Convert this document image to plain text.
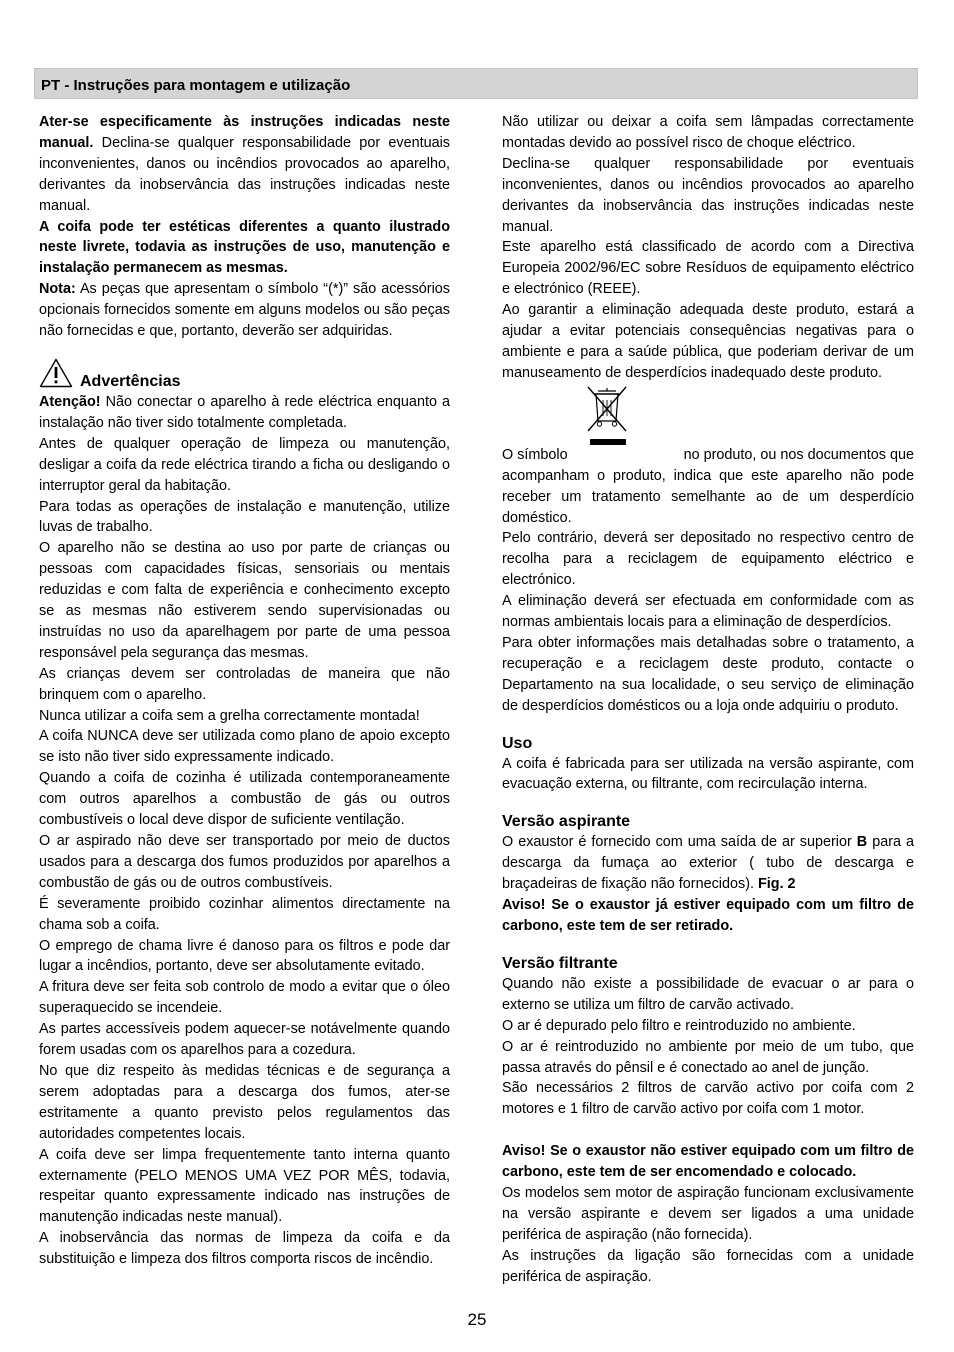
PT - Instruções para montagem e utilização

Ater-se especificamente às instruções indicadas neste manual. Declina-se qualquer responsabilidade por eventuais inconvenientes, danos ou incêndios provocados ao aparelho, derivantes da inobservância das instruções indicadas neste manual.

A coifa pode ter estéticas diferentes a quanto ilustrado neste livrete, todavia as instruções de uso, manutenção e instalação permanecem as mesmas.

Nota: As peças que apresentam o símbolo “(*)” são acessórios opcionais fornecidos somente em alguns modelos ou são peças não fornecidas e que, portanto, deverão ser adquiridas.

Advertências

Atenção! Não conectar o aparelho à rede eléctrica enquanto a instalação não tiver sido totalmente completada.

Antes de qualquer operação de limpeza ou manutenção, desligar a coifa da rede eléctrica tirando a ficha ou desligando o interruptor geral da habitação.

Para todas as operações de instalação e manutenção, utilize luvas de trabalho.

O aparelho não se destina ao uso por parte de crianças ou pessoas com capacidades físicas, sensoriais ou mentais reduzidas e com falta de experiência e conhecimento excepto se as mesmas não estiverem sendo supervisionadas ou instruídas no uso da aparelhagem por parte de uma pessoa responsável pela segurança das mesmas.

As crianças devem ser controladas de maneira que não brinquem com o aparelho.

Nunca utilizar a coifa sem a grelha correctamente montada!

A coifa NUNCA deve ser utilizada como plano de apoio excepto se isto não tiver sido expressamente indicado.

Quando a coifa de cozinha é utilizada contemporaneamente com outros aparelhos a combustão de gás ou outros combustíveis o local deve dispor de suficiente ventilação.

O ar aspirado não deve ser transportado por meio de ductos usados para a descarga dos fumos produzidos por aparelhos a combustão de gás ou de outros combustíveis.

É severamente proibido cozinhar alimentos directamente na chama sob a coifa.

O emprego de chama livre é danoso para os filtros e pode dar lugar a incêndios, portanto, deve ser absolutamente evitado.

A fritura deve ser feita sob controlo de modo a evitar que o óleo superaquecido se incendeie.

As partes accessíveis podem aquecer-se notávelmente quando forem usadas com os aparelhos para a cozedura.

No que diz respeito às medidas técnicas e de segurança a serem adoptadas para a descarga dos fumos, ater-se estritamente a quanto previsto pelos regulamentos das autoridades competentes locais.

A coifa deve ser limpa frequentemente tanto interna quanto externamente (PELO MENOS UMA VEZ POR MÊS, todavia, respeitar quanto expressamente indicado nas instruções de manutenção indicadas neste manual).

A inobservância das normas de limpeza da coifa e da substituição e limpeza dos filtros comporta riscos de incêndio.

Não utilizar ou deixar a coifa sem lâmpadas correctamente montadas devido ao possível risco de choque eléctrico.

Declina-se qualquer responsabilidade por eventuais inconvenientes, danos ou incêndios provocados ao aparelho derivantes da inobservância das instruções indicadas neste manual.

Este aparelho está classificado de acordo com a Directiva Europeia 2002/96/EC sobre Resíduos de equipamento eléctrico e electrónico (REEE).

Ao garantir a eliminação adequada deste produto, estará a ajudar a evitar potenciais consequências negativas para o ambiente e para a saúde pública, que poderiam derivar de um manuseamento de desperdícios inadequado deste produto.

O símbolo	no produto, ou nos documentos que

acompanham o produto, indica que este aparelho não pode receber um tratamento semelhante ao de um desperdício doméstico.

Pelo contrário, deverá ser depositado no respectivo centro de recolha para a reciclagem de equipamento eléctrico e electrónico.

A eliminação deverá ser efectuada em conformidade com as normas ambientais locais para a eliminação de desperdícios.

Para obter informações mais detalhadas sobre o tratamento, a recuperação e a reciclagem deste produto, contacte o Departamento na sua localidade, o seu serviço de eliminação de desperdícios domésticos ou a loja onde adquiriu o produto.

Uso

A coifa é fabricada para ser utilizada na versão aspirante, com evacuação externa, ou filtrante, com recirculação interna.

Versão aspirante

O exaustor é fornecido com uma saída de ar superior B para a descarga da fumaça ao exterior ( tubo de descarga e braçadeiras de fixação não fornecidos). Fig. 2

Aviso! Se o exaustor já estiver equipado com um filtro de carbono, este tem de ser retirado.

Versão filtrante

Quando não existe a possibilidade de evacuar o ar para o externo se utiliza um filtro de carvão activado.

O ar é depurado pelo filtro e reintroduzido no ambiente.

O ar é reintroduzido no ambiente por meio de um tubo, que passa através do pênsil e é conectado ao anel de junção.

São necessários 2 filtros de carvão activo por coifa com 2 motores e 1 filtro de carvão activo por coifa com 1 motor.

Aviso! Se o exaustor não estiver equipado com um filtro de carbono, este tem de ser encomendado e colocado.

Os modelos sem motor de aspiração funcionam exclusivamente na versão aspirante e devem ser ligados a uma unidade periférica de aspiração (não fornecida).

As instruções da ligação são fornecidas com a unidade periférica de aspiração.

25
